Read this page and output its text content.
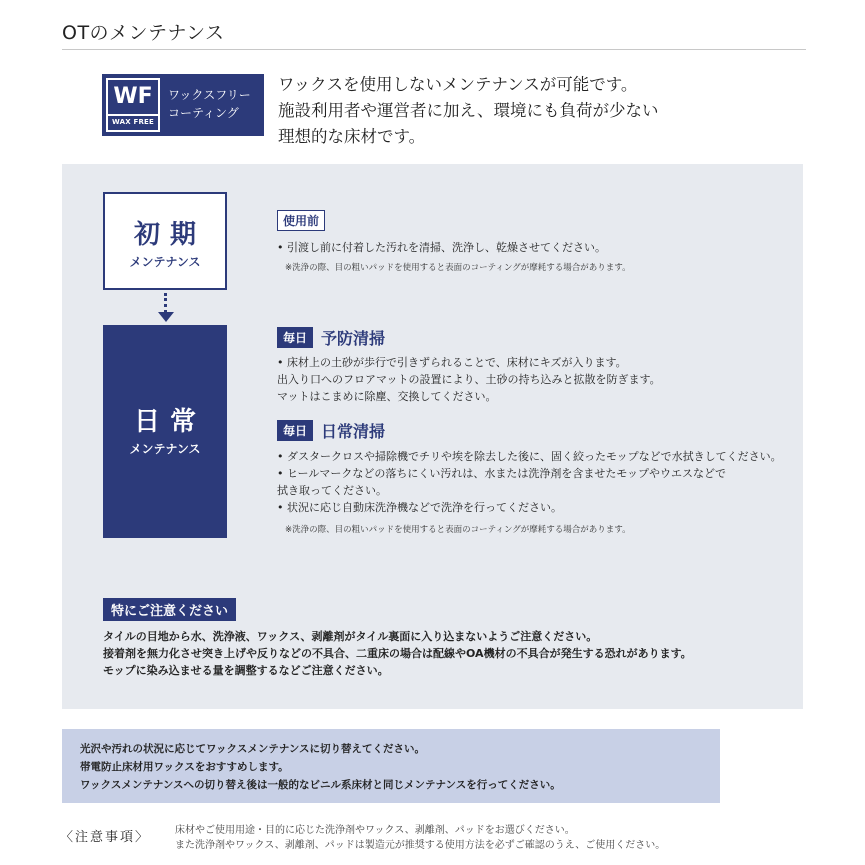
OTのメンテナンス
WF
WAX FREE
ワックスフリー
コーティング
ワックスを使用しないメンテナンスが可能です。
施設利用者や運営者に加え、環境にも負荷が少ない
理想的な床材です。
初期
メンテナンス
日常
メンテナンス
使用前
• 引渡し前に付着した汚れを清掃、洗浄し、乾燥させてください。
※洗浄の際、目の粗いパッドを使用すると表面のコーティングが摩耗する場合があります。
毎日 予防清掃
• 床材上の土砂が歩行で引きずられることで、床材にキズが入ります。
出入り口へのフロアマットの設置により、土砂の持ち込みと拡散を防ぎます。
マットはこまめに除塵、交換してください。
毎日 日常清掃
• ダスタークロスや掃除機でチリや埃を除去した後に、固く絞ったモップなどで水拭きしてください。
• ヒールマークなどの落ちにくい汚れは、水または洗浄剤を含ませたモップやウエスなどで
拭き取ってください。
• 状況に応じ自動床洗浄機などで洗浄を行ってください。
※洗浄の際、目の粗いパッドを使用すると表面のコーティングが摩耗する場合があります。
特にご注意ください
タイルの目地から水、洗浄液、ワックス、剥離剤がタイル裏面に入り込まないようご注意ください。
接着剤を無力化させ突き上げや反りなどの不具合、二重床の場合は配線やOA機材の不具合が発生する恐れがあります。
モップに染み込ませる量を調整するなどご注意ください。
光沢や汚れの状況に応じてワックスメンテナンスに切り替えてください。
帯電防止床材用ワックスをおすすめします。
ワックスメンテナンスへの切り替え後は一般的なビニル系床材と同じメンテナンスを行ってください。
〈注意事項〉 床材やご使用用途・目的に応じた洗浄剤やワックス、剥離剤、パッドをお選びください。
また洗浄剤やワックス、剥離剤、パッドは製造元が推奨する使用方法を必ずご確認のうえ、ご使用ください。
